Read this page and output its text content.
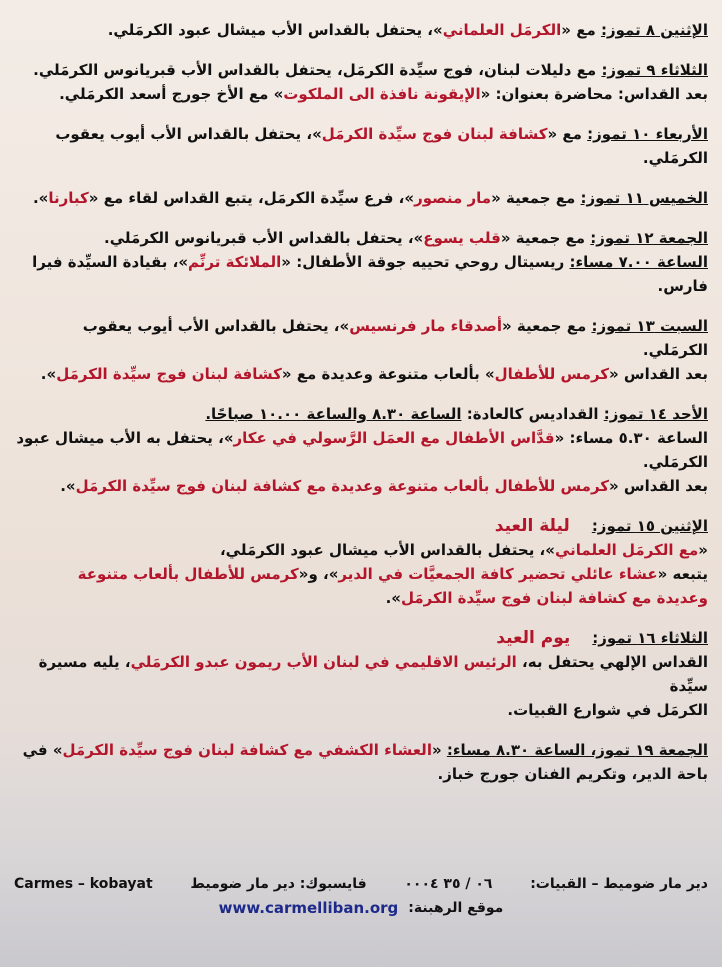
الإثنين ٨ تموز: مع «الكرمَل العلماني»، يحتفل بالقداس الأب ميشال عبود الكرمَلي.

الثلاثاء ٩ تموز: مع دليلات لبنان، فوج سيِّدة الكرمَل، يحتفل بالقداس الأب قبريانوس الكرمَلي.

بعد القداس: محاضرة بعنوان: «الإيقونة نافذة الى الملكوت» مع الأخ جورج أسعد الكرمَلي.

الأربعاء ١٠ تموز: مع «كشافة لبنان فوج سيِّدة الكرمَل»، يحتفل بالقداس الأب أيوب يعقوب

الكرمَلي.

الخميس ١١ تموز: مع جمعية «مار منصور»، فرع سيِّدة الكرمَل، يتبع القداس لقاء مع «كبارنا».

الجمعة ١٢ تموز: مع جمعية «قلب يسوع»، يحتفل بالقداس الأب قبريانوس الكرمَلي.

الساعة ٧.٠٠ مساء: ريسيتال روحي تحييه جوقة الأطفال: «الملائكة ترنِّم»، بقيادة السيِّدة فيرا

فارس.

السبت ١٣ تموز: مع جمعية «أصدقاء مار فرنسيس»، يحتفل بالقداس الأب أيوب يعقوب الكرمَلي.

بعد القداس «كرمس للأطفال» بألعاب متنوعة وعديدة مع «كشافة لبنان فوج سيِّدة الكرمَل».

الأحد ١٤ تموز: القداديس كالعادة: الساعة ٨.٣٠ والساعة ١٠.٠٠ صباحًا.

الساعة ٥.٣٠ مساء: «قدَّاس الأطفال مع العمَل الرَّسولي في عكار»، يحتفل به الأب ميشال عبود

الكرمَلي.

بعد القداس «كرمس للأطفال بألعاب متنوعة وعديدة مع كشافة لبنان فوج سيِّدة الكرمَل».

الإثنين ١٥ تموز:ليلة العيد

«مع الكرمَل العلماني»، يحتفل بالقداس الأب ميشال عبود الكرمَلي،

يتبعه «عشاء عائلي تحضير كافة الجمعيَّات في الدير»، و«كرمس للأطفال بألعاب متنوعة

وعديدة مع كشافة لبنان فوج سيِّدة الكرمَل».

الثلاثاء ١٦ تموز:يوم العيد

القداس الإلهي يحتفل به، الرئيس الاقليمي في لبنان الأب ريمون عبدو الكرمَلي، يليه مسيرة سيِّدة

الكرمَل في شوارع القبيات.

الجمعة ١٩ تموز، الساعة ٨.٣٠ مساء: «العشاء الكشفي مع كشافة لبنان فوج سيِّدة الكرمَل» في

باحة الدير، وتكريم الفنان جورج خباز.

Carmes – kobayat	فايسبوك: دير مار ضوميط	٠٦ / ٣٥ ٠٠٠٤	دير مار ضوميط – القبيات:
www.carmelliban.org موقع الرهبنة:
